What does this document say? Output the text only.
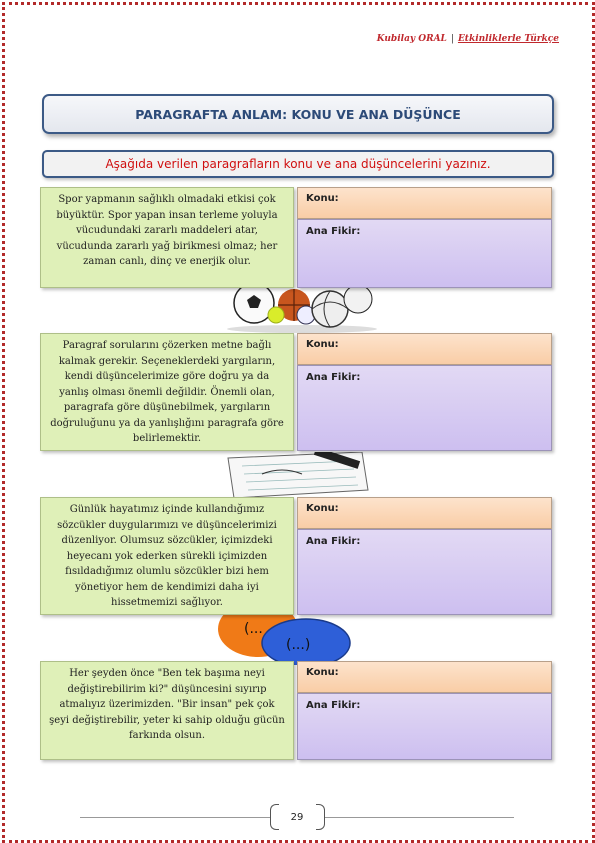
Kubilay ORAL | Etkinliklerle Türkçe
PARAGRAFTA ANLAM: KONU VE ANA DÜŞÜNCE
Aşağıda verilen paragrafların konu ve ana düşüncelerini yazınız.
(...)
(...
Spor yapmanın sağlıklı olmadaki etkisi çok büyüktür. Spor yapan insan terleme yoluyla vücudundaki zararlı maddeleri atar, vücudunda zararlı yağ birikmesi olmaz; her zaman canlı, dinç ve enerjik olur.
Konu:
Ana Fikir:
Paragraf sorularını çözerken metne bağlı kalmak gerekir. Seçeneklerdeki yargıların, kendi düşüncelerimize göre doğru ya da yanlış olması önemli değildir. Önemli olan, paragrafa göre düşünebilmek, yargıların doğruluğunu ya da yanlışlığını paragrafa göre belirlemektir.
Konu:
Ana Fikir:
Günlük hayatımız içinde kullandığımız sözcükler duygularımızı ve düşüncelerimizi düzenliyor. Olumsuz sözcükler, içimizdeki heyecanı yok ederken sürekli içimizden fısıldadığımız olumlu sözcükler bizi hem yönetiyor hem de kendimizi daha iyi hissetmemizi sağlıyor.
Konu:
Ana Fikir:
Her şeyden önce "Ben tek başıma neyi değiştirebilirim ki?" düşüncesini sıyırıp atmalıyız üzerimizden. "Bir insan" pek çok şeyi değiştirebilir, yeter ki sahip olduğu gücün farkında olsun.
Konu:
Ana Fikir:
29
